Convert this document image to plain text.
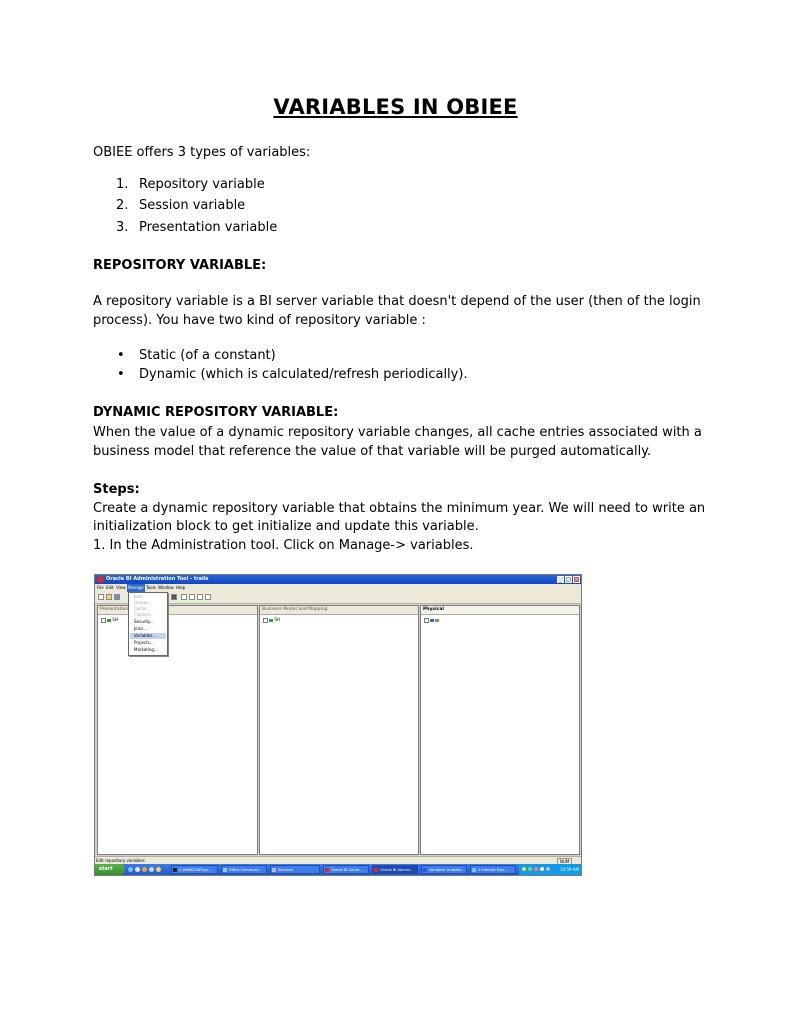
VARIABLES IN OBIEE
OBIEE offers 3 types of variables:
1. Repository variable
2. Session variable
3. Presentation variable
REPOSITORY VARIABLE:
A repository variable is a BI server variable that doesn't depend of the user (then of the login
process). You have two kind of repository variable :
• Static (of a constant)
• Dynamic (which is calculated/refresh periodically).
DYNAMIC REPOSITORY VARIABLE:
When the value of a dynamic repository variable changes, all cache entries associated with a
business model that reference the value of that variable will be purged automatically.
Steps:
Create a dynamic repository variable that obtains the minimum year. We will need to write an
initialization block to get initialize and update this variable.
1. In the Administration tool. Click on Manage-> variables.
Oracle BI Administration Tool - trails	_ □ ×
File Edit View Manage Tools Window Help
Presentation
SH
Business Model and Mapping
SH
Physical
Jobs
Groups...
Cache...
Clusters...
Security...
Joins...
Variables...
Projects...
Marketing...
Edit repository variables	NUM
start	C:\WINDOWS\sy...	Office Communi...	Services	Oracle BI Conte...	Oracle BI Admini...	Variables in obiee...	2 Internet Expl...	10:59 AM
